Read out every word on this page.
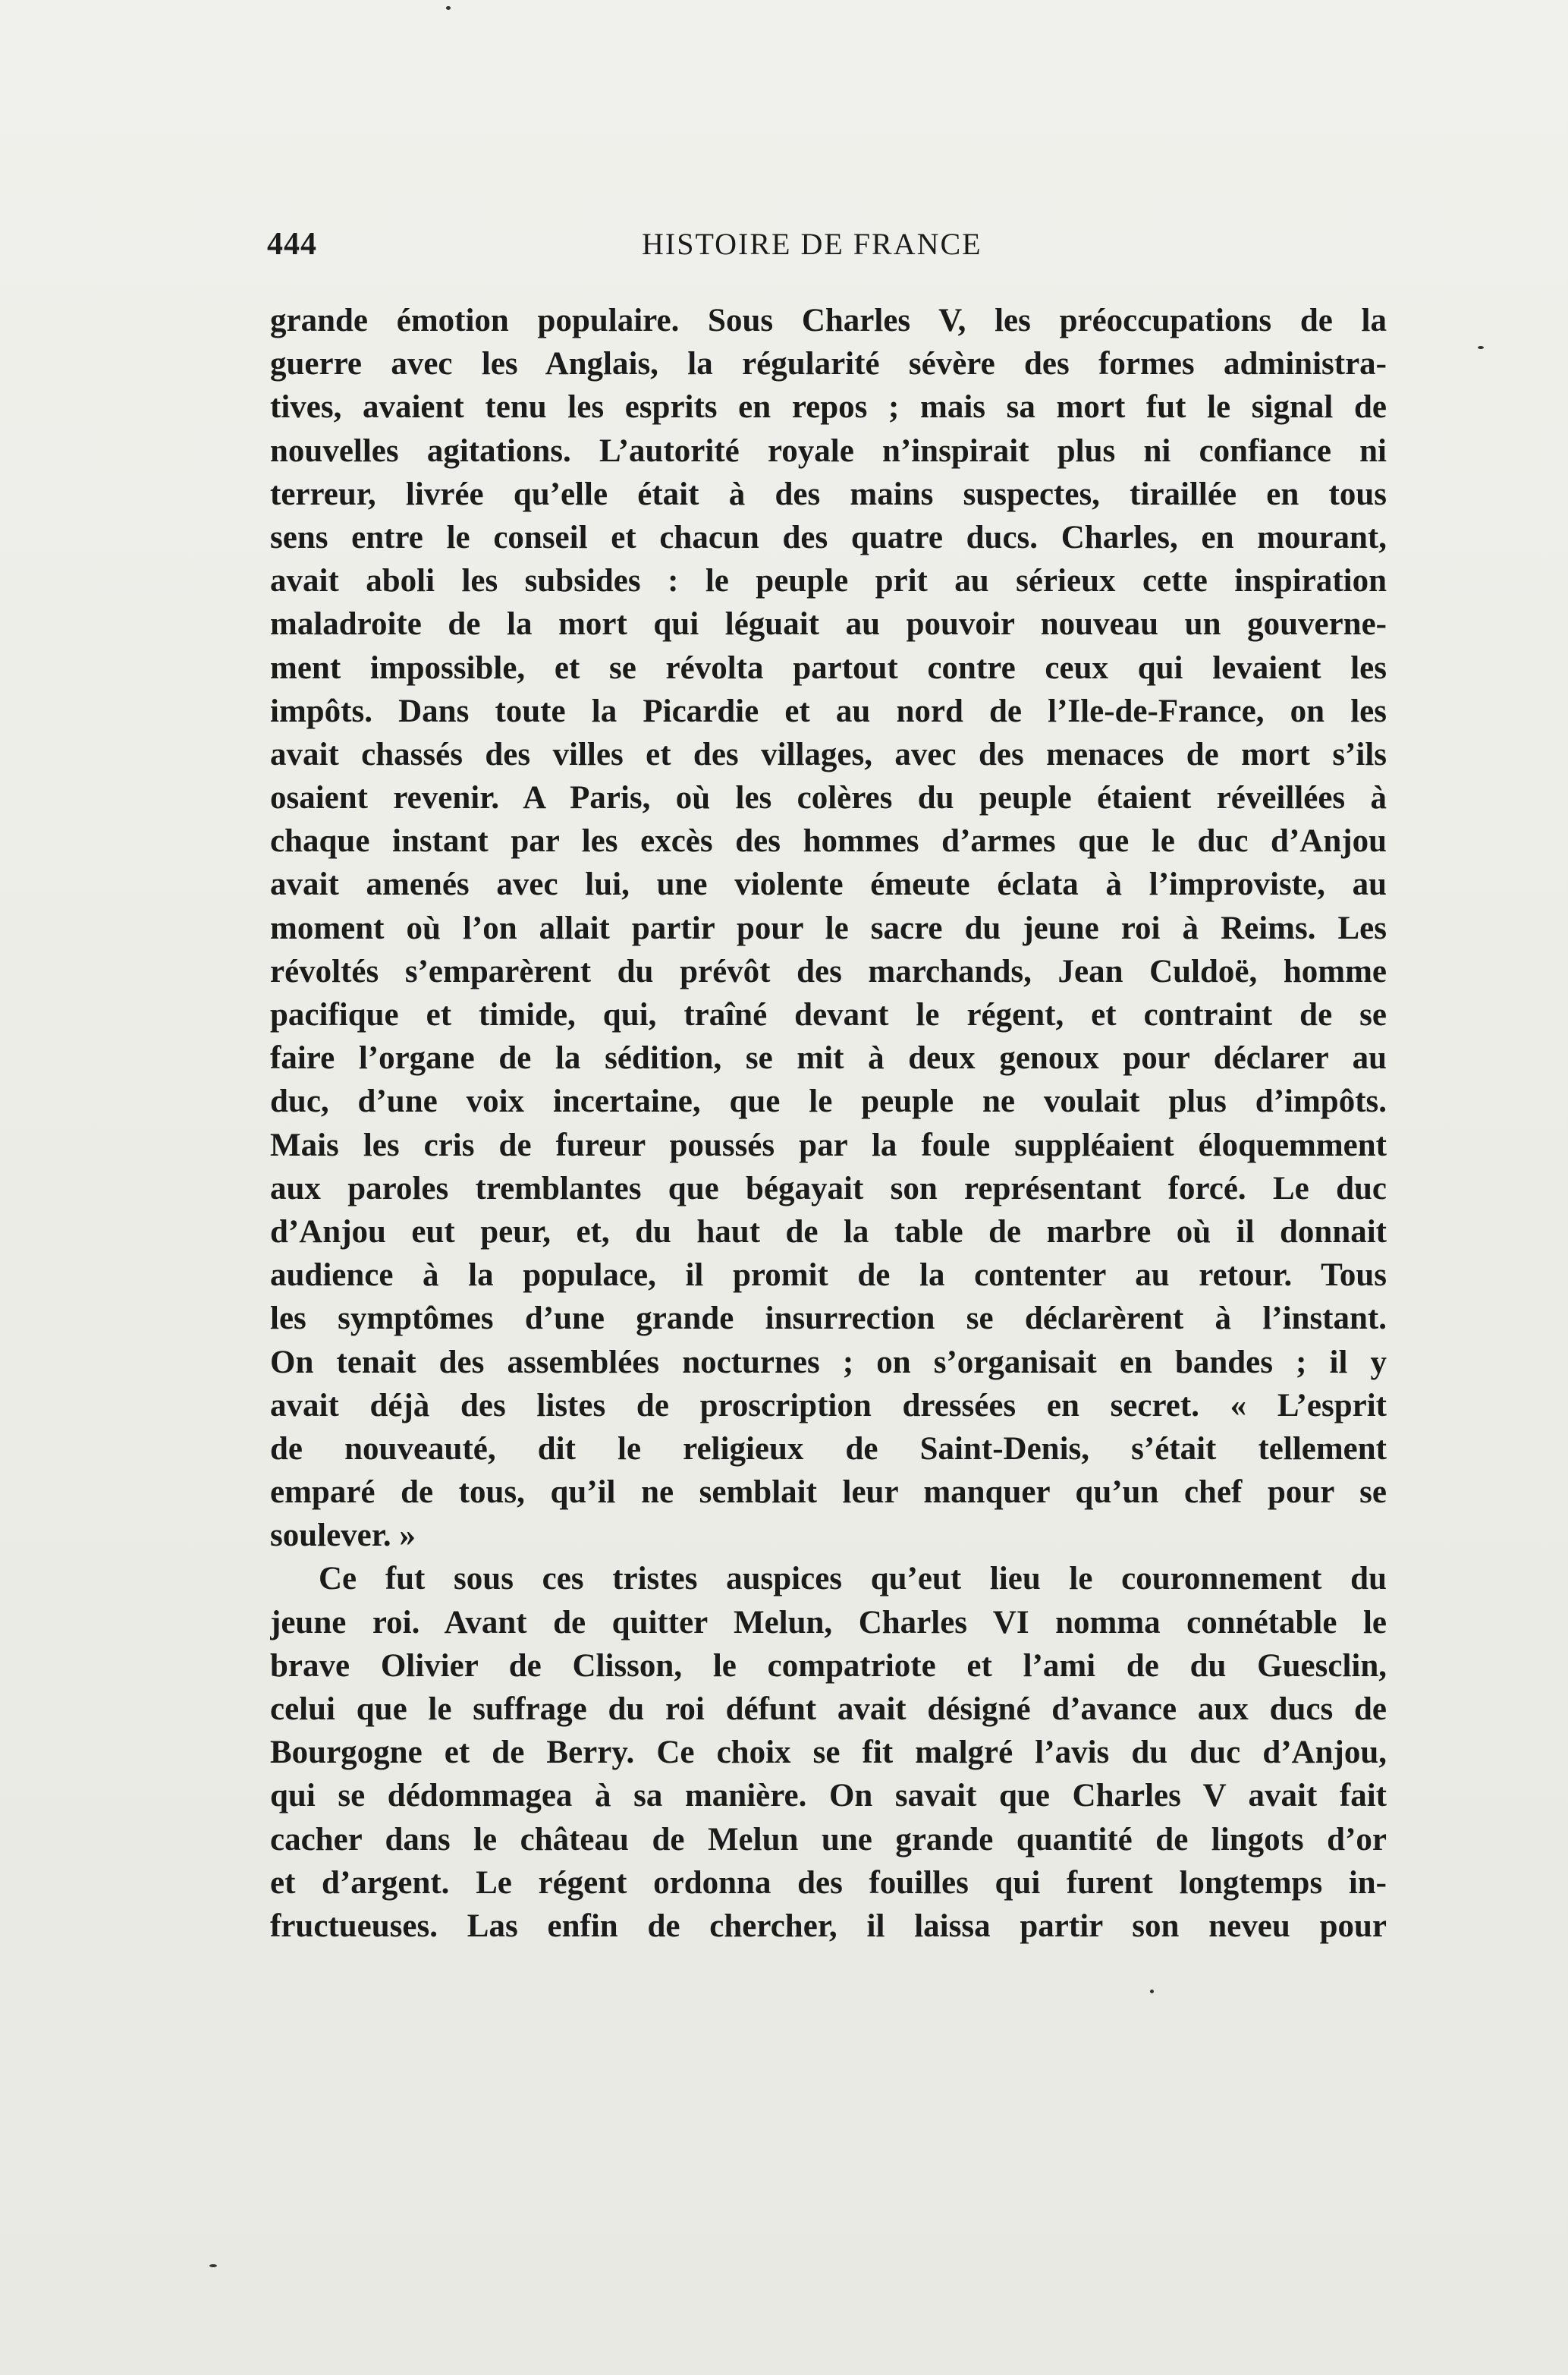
444	HISTOIRE DE FRANCE
grande émotion populaire. Sous Charles V, les préoccupations de la
guerre avec les Anglais, la régularité sévère des formes administra-
tives, avaient tenu les esprits en repos ; mais sa mort fut le signal de
nouvelles agitations. L’autorité royale n’inspirait plus ni confiance ni
terreur, livrée qu’elle était à des mains suspectes, tiraillée en tous
sens entre le conseil et chacun des quatre ducs. Charles, en mourant,
avait aboli les subsides : le peuple prit au sérieux cette inspiration
maladroite de la mort qui léguait au pouvoir nouveau un gouverne-
ment impossible, et se révolta partout contre ceux qui levaient les
impôts. Dans toute la Picardie et au nord de l’Ile-de-France, on les
avait chassés des villes et des villages, avec des menaces de mort s’ils
osaient revenir. A Paris, où les colères du peuple étaient réveillées à
chaque instant par les excès des hommes d’armes que le duc d’Anjou
avait amenés avec lui, une violente émeute éclata à l’improviste, au
moment où l’on allait partir pour le sacre du jeune roi à Reims. Les
révoltés s’emparèrent du prévôt des marchands, Jean Culdoë, homme
pacifique et timide, qui, traîné devant le régent, et contraint de se
faire l’organe de la sédition, se mit à deux genoux pour déclarer au
duc, d’une voix incertaine, que le peuple ne voulait plus d’impôts.
Mais les cris de fureur poussés par la foule suppléaient éloquemment
aux paroles tremblantes que bégayait son représentant forcé. Le duc
d’Anjou eut peur, et, du haut de la table de marbre où il donnait
audience à la populace, il promit de la contenter au retour. Tous
les symptômes d’une grande insurrection se déclarèrent à l’instant.
On tenait des assemblées nocturnes ; on s’organisait en bandes ; il y
avait déjà des listes de proscription dressées en secret. « L’esprit
de nouveauté, dit le religieux de Saint-Denis, s’était tellement
emparé de tous, qu’il ne semblait leur manquer qu’un chef pour se
soulever. »
Ce fut sous ces tristes auspices qu’eut lieu le couronnement du
jeune roi. Avant de quitter Melun, Charles VI nomma connétable le
brave Olivier de Clisson, le compatriote et l’ami de du Guesclin,
celui que le suffrage du roi défunt avait désigné d’avance aux ducs de
Bourgogne et de Berry. Ce choix se fit malgré l’avis du duc d’Anjou,
qui se dédommagea à sa manière. On savait que Charles V avait fait
cacher dans le château de Melun une grande quantité de lingots d’or
et d’argent. Le régent ordonna des fouilles qui furent longtemps in-
fructueuses. Las enfin de chercher, il laissa partir son neveu pour
